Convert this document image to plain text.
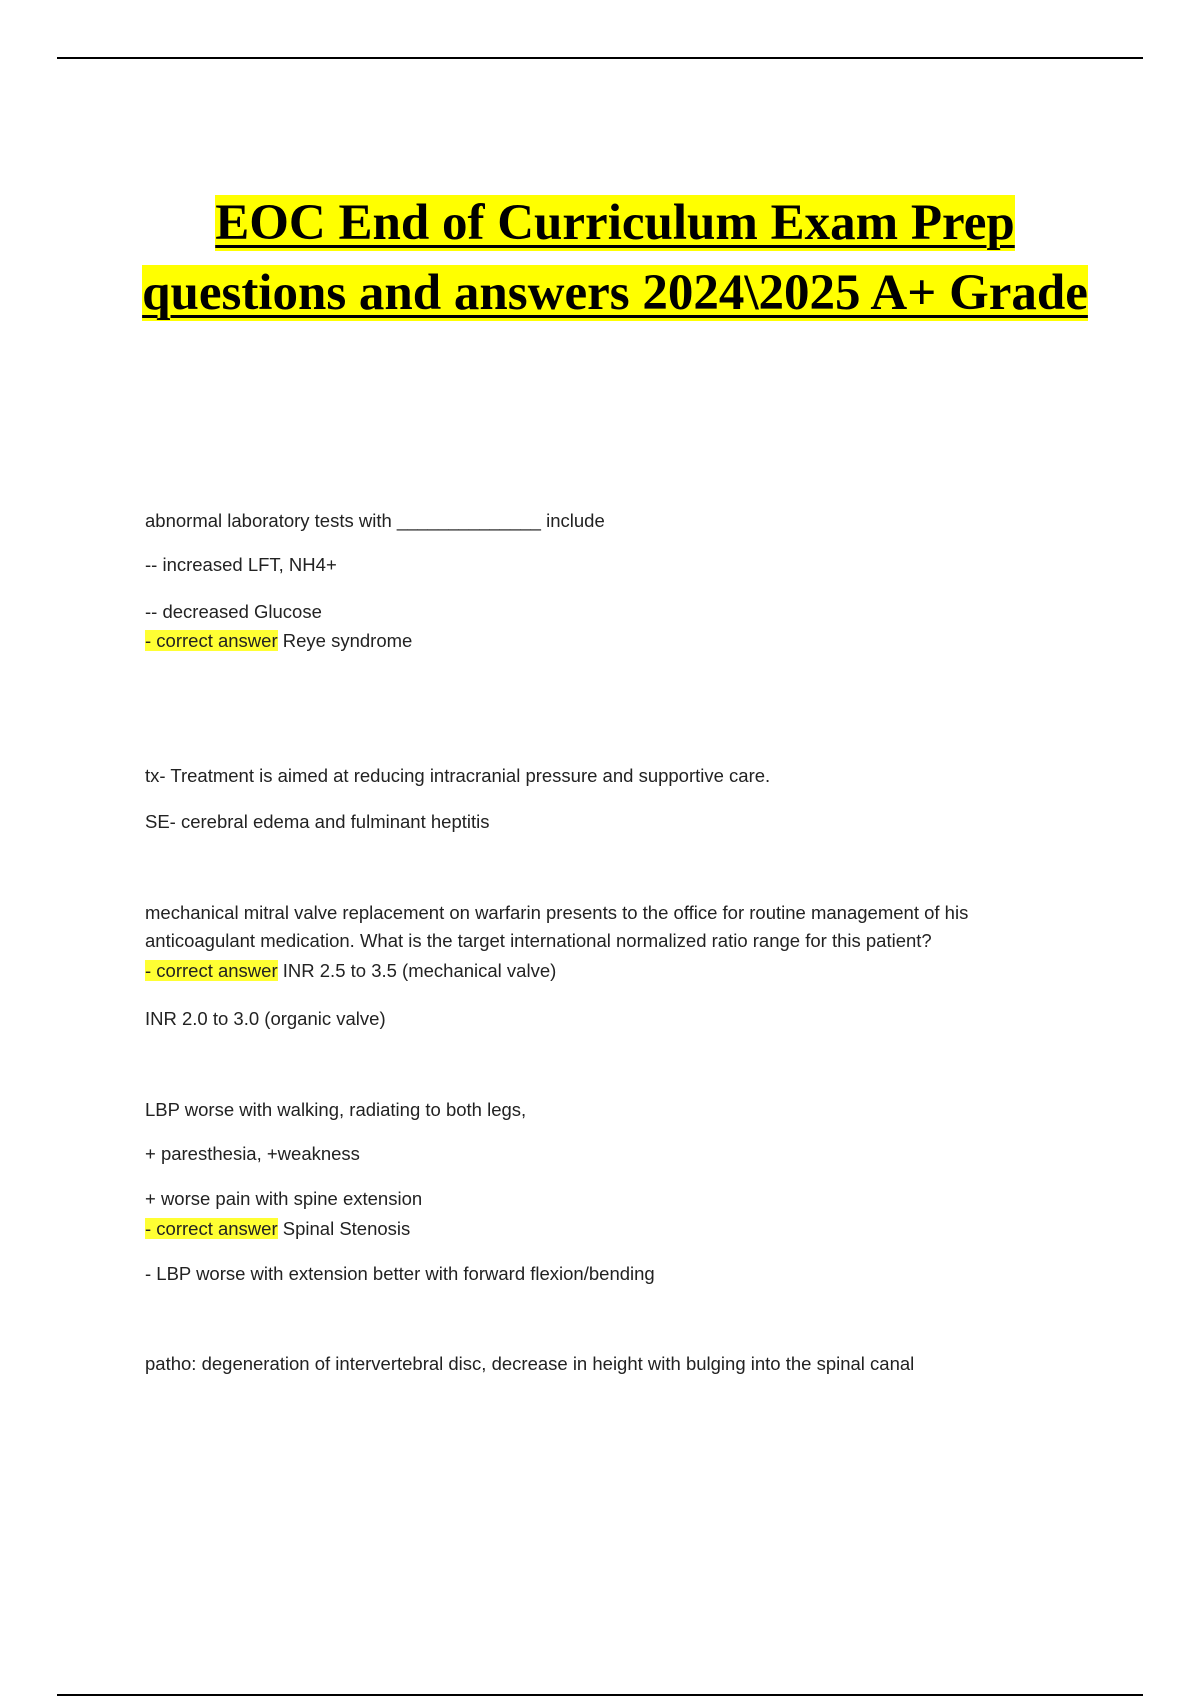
EOC End of Curriculum Exam Prep questions and answers 2024\2025 A+ Grade

abnormal laboratory tests with ______________ include

-- increased LFT, NH4+

-- decreased Glucose

- correct answer Reye syndrome

tx- Treatment is aimed at reducing intracranial pressure and supportive care.

SE- cerebral edema and fulminant heptitis

mechanical mitral valve replacement on warfarin presents to the office for routine management of his

anticoagulant medication. What is the target international normalized ratio range for this patient?

- correct answer INR 2.5 to 3.5 (mechanical valve)

INR 2.0 to 3.0 (organic valve)

LBP worse with walking, radiating to both legs,

+ paresthesia, +weakness

+ worse pain with spine extension

- correct answer Spinal Stenosis

- LBP worse with extension better with forward flexion/bending

patho: degeneration of intervertebral disc, decrease in height with bulging into the spinal canal
